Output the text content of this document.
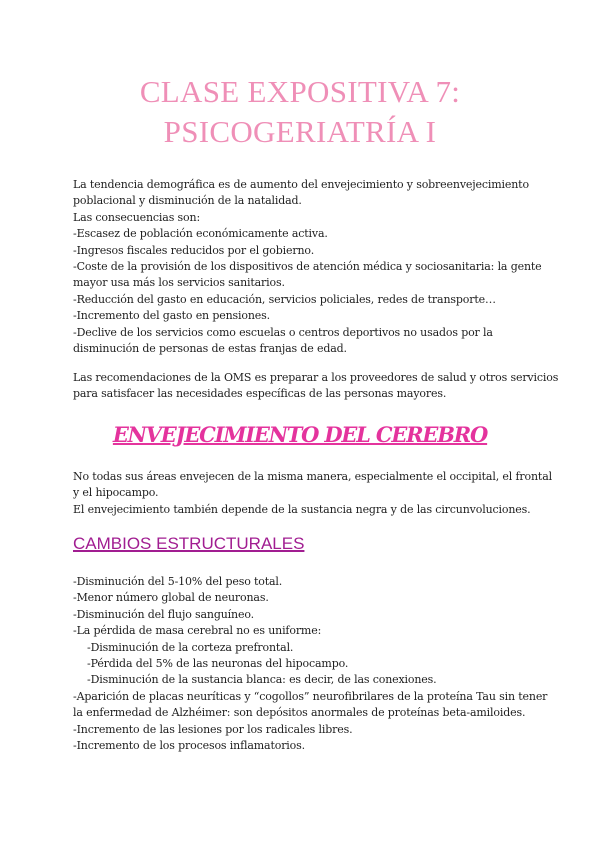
CLASE EXPOSITIVA 7:
PSICOGERIATRÍA I
La tendencia demográfica es de aumento del envejecimiento y sobreenvejecimiento
poblacional y disminución de la natalidad.
Las consecuencias son:
-Escasez de población económicamente activa.
-Ingresos fiscales reducidos por el gobierno.
-Coste de la provisión de los dispositivos de atención médica y sociosanitaria: la gente
mayor usa más los servicios sanitarios.
-Reducción del gasto en educación, servicios policiales, redes de transporte…
-Incremento del gasto en pensiones.
-Declive de los servicios como escuelas o centros deportivos no usados por la
disminución de personas de estas franjas de edad.
Las recomendaciones de la OMS es preparar a los proveedores de salud y otros servicios
para satisfacer las necesidades específicas de las personas mayores.
ENVEJECIMIENTO DEL CEREBRO
No todas sus áreas envejecen de la misma manera, especialmente el occipital, el frontal
y el hipocampo.
El envejecimiento también depende de la sustancia negra y de las circunvoluciones.
CAMBIOS ESTRUCTURALES
-Disminución del 5-10% del peso total.
-Menor número global de neuronas.
-Disminución del flujo sanguíneo.
-La pérdida de masa cerebral no es uniforme:
-Disminución de la corteza prefrontal.
-Pérdida del 5% de las neuronas del hipocampo.
-Disminución de la sustancia blanca: es decir, de las conexiones.
-Aparición de placas neuríticas y “cogollos” neurofibrilares de la proteína Tau sin tener
la enfermedad de Alzhéimer: son depósitos anormales de proteínas beta-amiloides.
-Incremento de las lesiones por los radicales libres.
-Incremento de los procesos inflamatorios.
